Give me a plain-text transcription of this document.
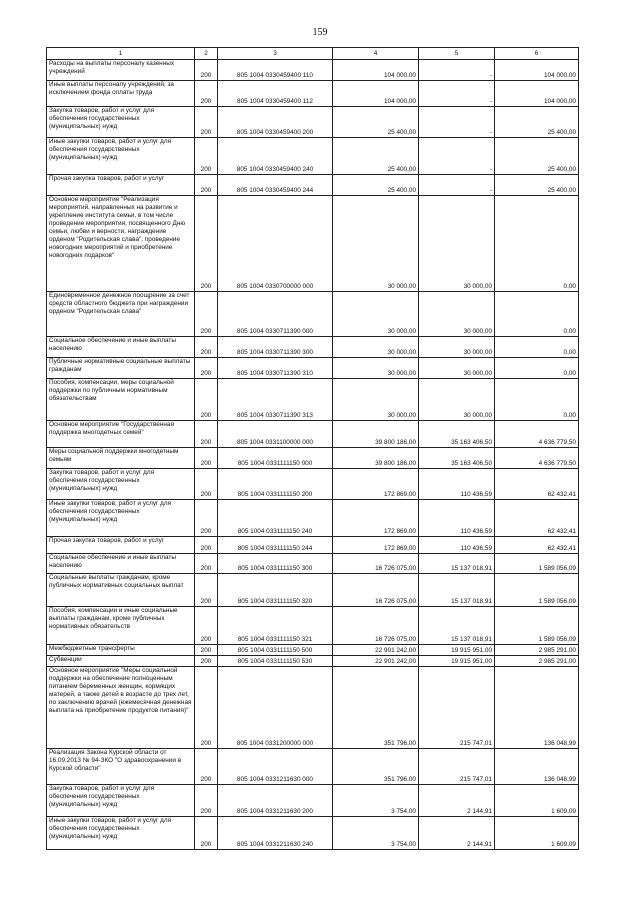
159
1	2	3	4	5	6
Расходы на выплаты персоналу казенных учреждений	200	805 1004 0330459400 110	104 000,00	-	104 000,00
Иные выплаты персоналу учреждений, за исключением фонда оплаты труда	200	805 1004 0330459400 112	104 000,00	-	104 000,00
Закупка товаров, работ и услуг для обеспечения государственных (муниципальных) нужд	200	805 1004 0330459400 200	25 400,00	-	25 400,00
Иные закупки товаров, работ и услуг для обеспечения государственных (муниципальных) нужд	200	805 1004 0330459400 240	25 400,00	-	25 400,00
Прочая закупка товаров, работ и услуг	200	805 1004 0330459400 244	25 400,00	-	25 400,00
Основное мероприятие "Реализация мероприятий, направленных на развитие и укрепление института семьи, в том числе проведение мероприятия, посвященного Дню семьи, любви и верности, награждение орденом "Родительская слава", проведение новогодних мероприятий и приобретение новогодних подарков"	200	805 1004 0330700000 000	30 000,00	30 000,00	0,00
Единовременное денежное поощрение за счет средств областного бюджета при награждении орденом "Родительская слава"	200	805 1004 0330711390 000	30 000,00	30 000,00	0,00
Социальное обеспечение и иные выплаты населению	200	805 1004 0330711390 300	30 000,00	30 000,00	0,00
Публичные нормативные социальные выплаты гражданам	200	805 1004 0330711390 310	30 000,00	30 000,00	0,00
Пособия, компенсации, меры социальной поддержки по публичным нормативным обязательствам	200	805 1004 0330711390 313	30 000,00	30 000,00	0,00
Основное мероприятие "Государственная поддержка многодетных семей"	200	805 1004 0331100000 000	39 800 186,00	35 163 406,50	4 636 779,50
Меры социальной поддержки многодетным семьям	200	805 1004 0331111150 000	39 800 186,00	35 163 406,50	4 636 779,50
Закупка товаров, работ и услуг для обеспечения государственных (муниципальных) нужд	200	805 1004 0331111150 200	172 869,00	110 436,59	62 432,41
Иные закупки товаров, работ и услуг для обеспечения государственных (муниципальных) нужд	200	805 1004 0331111150 240	172 869,00	110 436,59	62 432,41
Прочая закупка товаров, работ и услуг	200	805 1004 0331111150 244	172 869,00	110 436,59	62 432,41
Социальное обеспечение и иные выплаты населению	200	805 1004 0331111150 300	16 726 075,00	15 137 018,91	1 589 056,09
Социальные выплаты гражданам, кроме публичных нормативных социальных выплат	200	805 1004 0331111150 320	16 726 075,00	15 137 018,91	1 589 056,09
Пособия, компенсации и иные социальные выплаты гражданам, кроме публичных нормативных обязательств	200	805 1004 0331111150 321	16 726 075,00	15 137 018,91	1 589 056,09
Межбюджетные трансферты	200	805 1004 0331111150 500	22 901 242,00	19 915 951,00	2 985 291,00
Субвенции	200	805 1004 0331111150 530	22 901 242,00	19 915 951,00	2 985 291,00
Основное мероприятие "Меры социальной поддержки на обеспечение полноценным питанием беременных женщин, кормящих матерей, а также детей в возрасте до трех лет, по заключению врачей (ежемесячная денежная выплата на приобретение продуктов питания)"	200	805 1004 0331200000 000	351 796,00	215 747,01	136 048,99
Реализация Закона Курской области от 16.09.2013 № 94-ЗКО "О здравоохранении в Курской области"	200	805 1004 0331211630 000	351 796,00	215 747,01	136 048,99
Закупка товаров, работ и услуг для обеспечения государственных (муниципальных) нужд	200	805 1004 0331211630 200	3 754,00	2 144,91	1 609,09
Иные закупки товаров, работ и услуг для обеспечения государственных (муниципальных) нужд	200	805 1004 0331211630 240	3 754,00	2 144,91	1 609,09
